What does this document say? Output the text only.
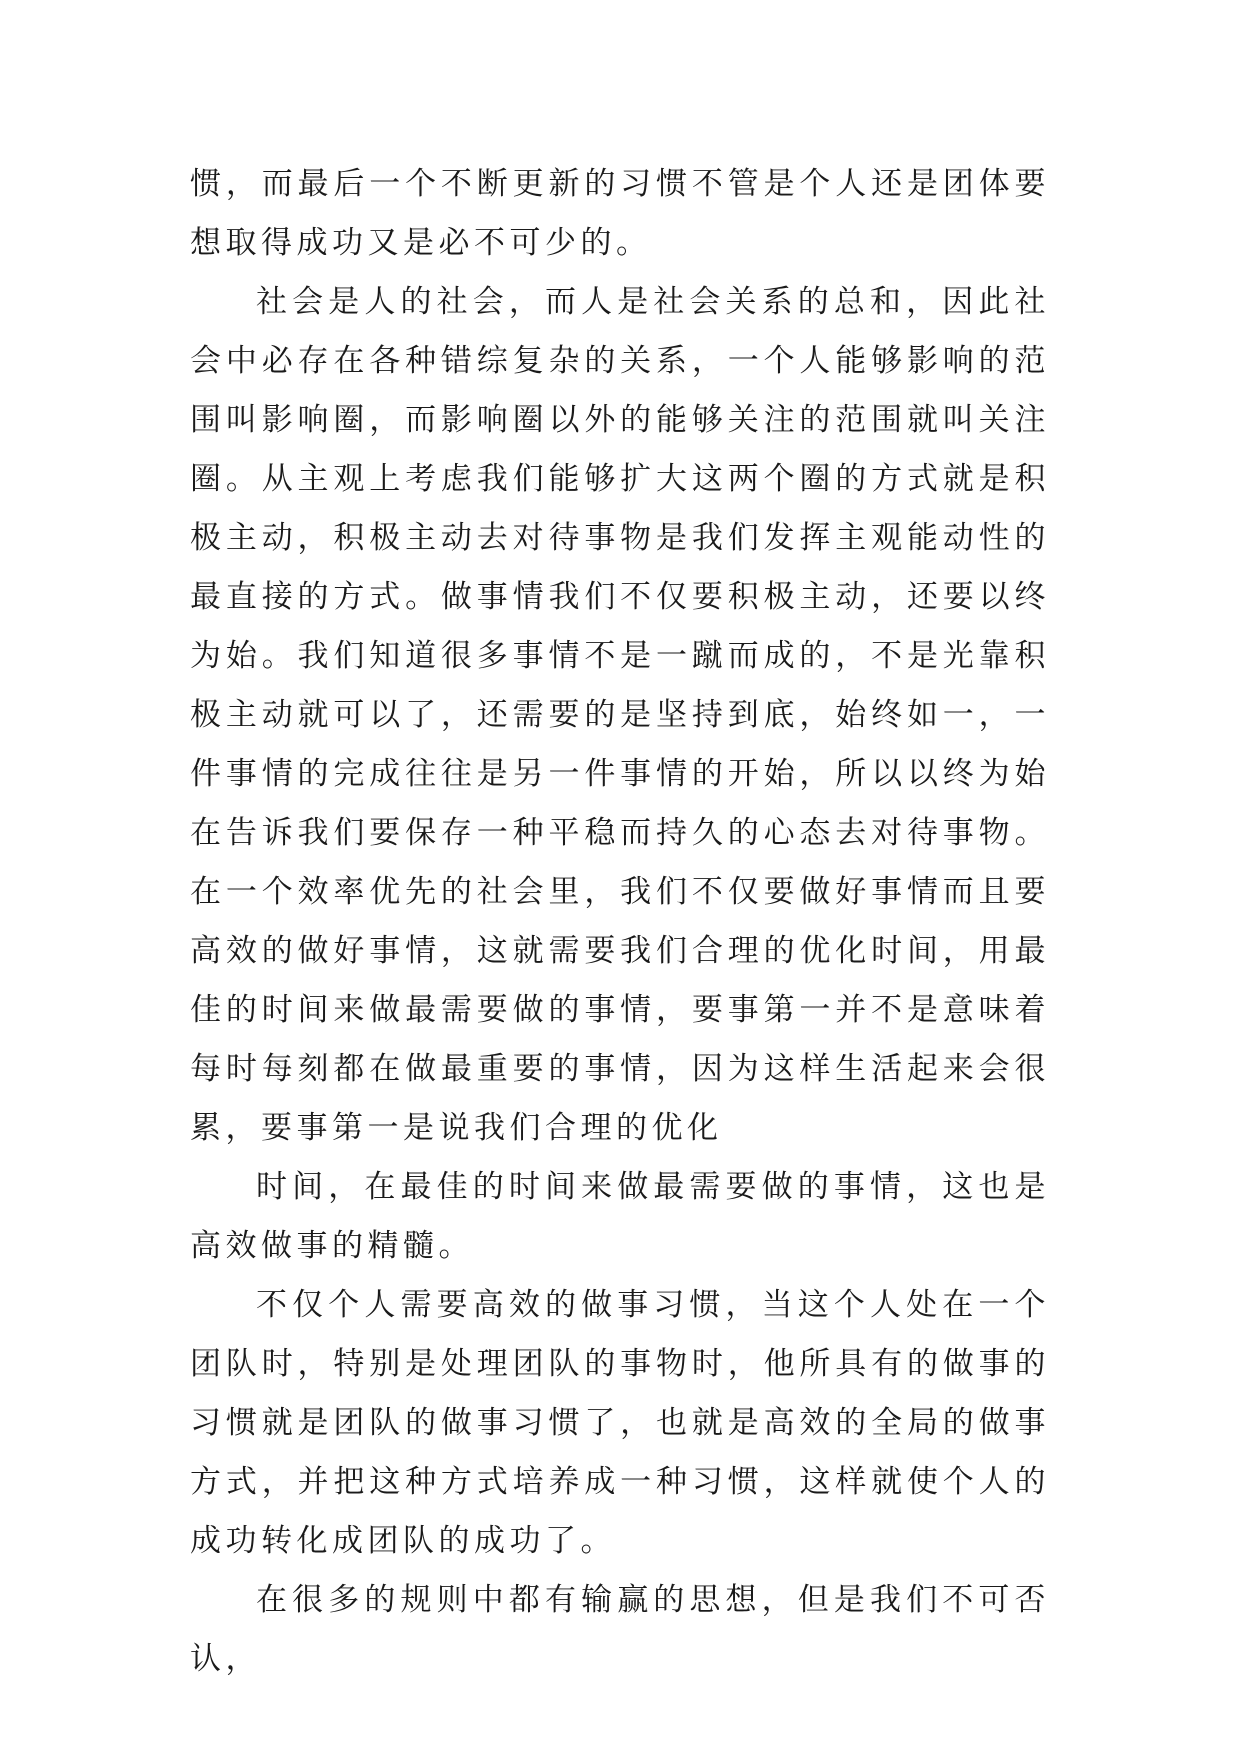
惯，而最后一个不断更新的习惯不管是个人还是团体要想取得成功又是必不可少的。

社会是人的社会，而人是社会关系的总和，因此社会中必存在各种错综复杂的关系，一个人能够影响的范围叫影响圈，而影响圈以外的能够关注的范围就叫关注圈。从主观上考虑我们能够扩大这两个圈的方式就是积极主动，积极主动去对待事物是我们发挥主观能动性的最直接的方式。做事情我们不仅要积极主动，还要以终为始。我们知道很多事情不是一蹴而成的，不是光靠积极主动就可以了，还需要的是坚持到底，始终如一，一件事情的完成往往是另一件事情的开始，所以以终为始在告诉我们要保存一种平稳而持久的心态去对待事物。在一个效率优先的社会里，我们不仅要做好事情而且要高效的做好事情，这就需要我们合理的优化时间，用最佳的时间来做最需要做的事情，要事第一并不是意味着每时每刻都在做最重要的事情，因为这样生活起来会很累，要事第一是说我们合理的优化

时间，在最佳的时间来做最需要做的事情，这也是高效做事的精髓。

不仅个人需要高效的做事习惯，当这个人处在一个团队时，特别是处理团队的事物时，他所具有的做事的习惯就是团队的做事习惯了，也就是高效的全局的做事方式，并把这种方式培养成一种习惯，这样就使个人的成功转化成团队的成功了。

在很多的规则中都有输赢的思想，但是我们不可否认，
